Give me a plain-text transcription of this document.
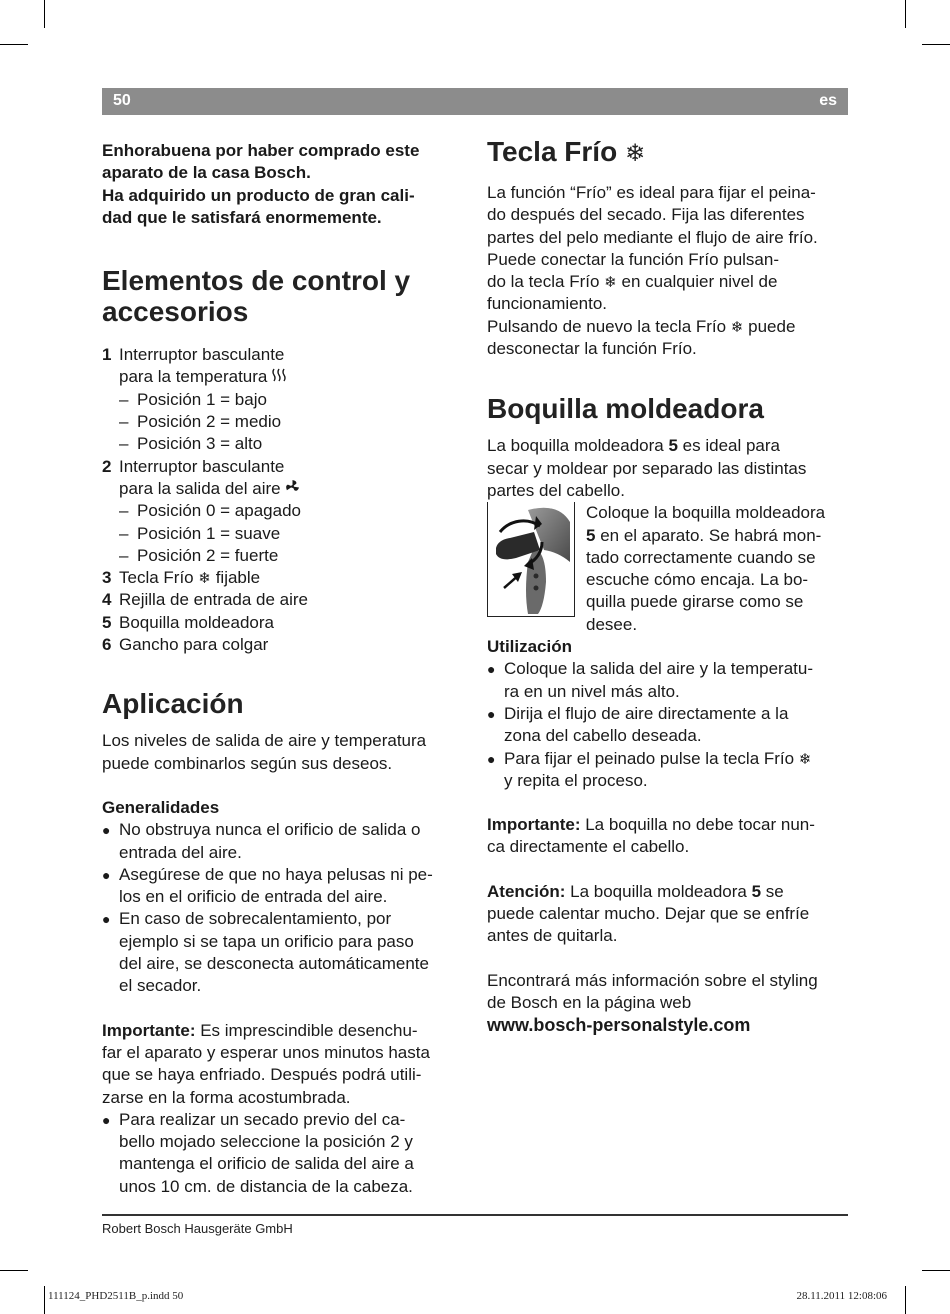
50	es

Enhorabuena por haber comprado este
aparato de la casa Bosch.
Ha adquirido un producto de gran cali-
dad que le satisfará enormemente.

Elementos de control y
accesorios
1 Interruptor basculante
para la temperatura
– Posición 1 = bajo
– Posición 2 = medio
– Posición 3 = alto
2 Interruptor basculante
para la salida del aire
– Posición 0 = apagado
– Posición 1 = suave
– Posición 2 = fuerte
3 Tecla Frío ❄ fijable
4 Rejilla de entrada de aire
5 Boquilla moldeadora
6 Gancho para colgar
Aplicación

Los niveles de salida de aire y temperatura
puede combinarlos según sus deseos.

Generalidades

● No obstruya nunca el orificio de salida o
entrada del aire.
● Asegúrese de que no haya pelusas ni pe-
los en el orificio de entrada del aire.
● En caso de sobrecalentamiento, por
ejemplo si se tapa un orificio para paso
del aire, se desconecta automáticamente
el secador.

Importante: Es imprescindible desenchu-
far el aparato y esperar unos minutos hasta
que se haya enfriado. Después podrá utili-
zarse en la forma acostumbrada.

● Para realizar un secado previo del ca-
bello mojado seleccione la posición 2 y
mantenga el orificio de salida del aire a
unos 10 cm. de distancia de la cabeza.
Tecla Frío ❄

La función “Frío” es ideal para fijar el peina-
do después del secado. Fija las diferentes
partes del pelo mediante el flujo de aire frío.
Puede conectar la función Frío pulsan-
do la tecla Frío ❄ en cualquier nivel de
funcionamiento.
Pulsando de nuevo la tecla Frío ❄ puede
desconectar la función Frío.

Boquilla moldeadora

La boquilla moldeadora 5 es ideal para
secar y moldear por separado las distintas
partes del cabello.

Coloque la boquilla moldeadora
5 en el aparato. Se habrá mon-
tado correctamente cuando se
escuche cómo encaja. La bo-
quilla puede girarse como se
desee.

Utilización

● Coloque la salida del aire y la temperatu-
ra en un nivel más alto.
● Dirija el flujo de aire directamente a la
zona del cabello deseada.
● Para fijar el peinado pulse la tecla Frío ❄
y repita el proceso.

Importante: La boquilla no debe tocar nun-
ca directamente el cabello.

Atención: La boquilla moldeadora 5 se
puede calentar mucho. Dejar que se enfríe
antes de quitarla.

Encontrará más información sobre el styling
de Bosch en la página web
www.bosch-personalstyle.com

Robert Bosch Hausgeräte GmbH
111124_PHD2511B_p.indd 50	28.11.2011 12:08:06
